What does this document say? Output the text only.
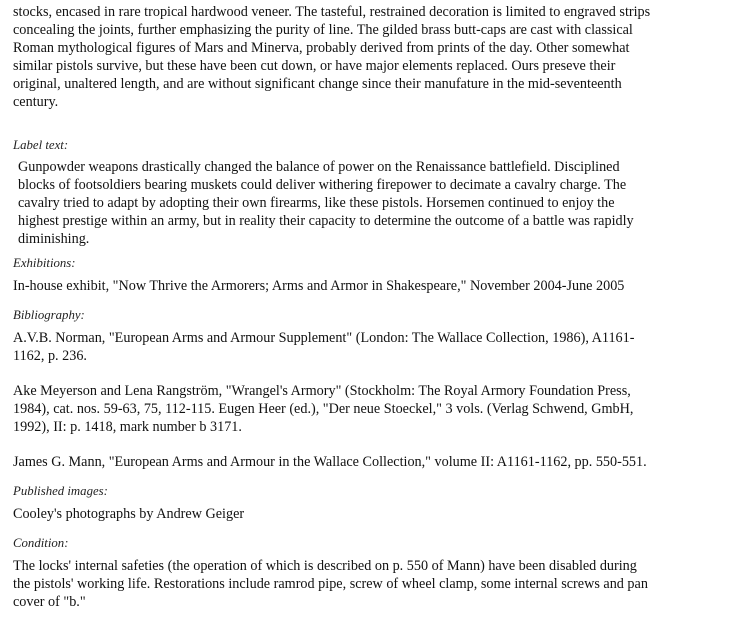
stocks, encased in rare tropical hardwood veneer. The tasteful, restrained decoration is limited to engraved strips
concealing the joints, further emphasizing the purity of line. The gilded brass butt-caps are cast with classical
Roman mythological figures of Mars and Minerva, probably derived from prints of the day. Other somewhat
similar pistols survive, but these have been cut down, or have major elements replaced. Ours preseve their
original, unaltered length, and are without significant change since their manufature in the mid-seventeenth
century.

Label text:

Gunpowder weapons drastically changed the balance of power on the Renaissance battlefield. Disciplined
blocks of footsoldiers bearing muskets could deliver withering firepower to decimate a cavalry charge. The
cavalry tried to adapt by adopting their own firearms, like these pistols. Horsemen continued to enjoy the
highest prestige within an army, but in reality their capacity to determine the outcome of a battle was rapidly
diminishing.

Exhibitions:

In-house exhibit, "Now Thrive the Armorers; Arms and Armor in Shakespeare," November 2004-June 2005

Bibliography:

A.V.B. Norman, "European Arms and Armour Supplement" (London: The Wallace Collection, 1986), A1161-
1162, p. 236.

Ake Meyerson and Lena Rangström, "Wrangel's Armory" (Stockholm: The Royal Armory Foundation Press,
1984), cat. nos. 59-63, 75, 112-115. Eugen Heer (ed.), "Der neue Stoeckel," 3 vols. (Verlag Schwend, GmbH,
1992), II: p. 1418, mark number b 3171.

James G. Mann, "European Arms and Armour in the Wallace Collection," volume II: A1161-1162, pp. 550-551.

Published images:

Cooley's photographs by Andrew Geiger

Condition:

The locks' internal safeties (the operation of which is described on p. 550 of Mann) have been disabled during
the pistols' working life. Restorations include ramrod pipe, screw of wheel clamp, some internal screws and pan
cover of "b."
